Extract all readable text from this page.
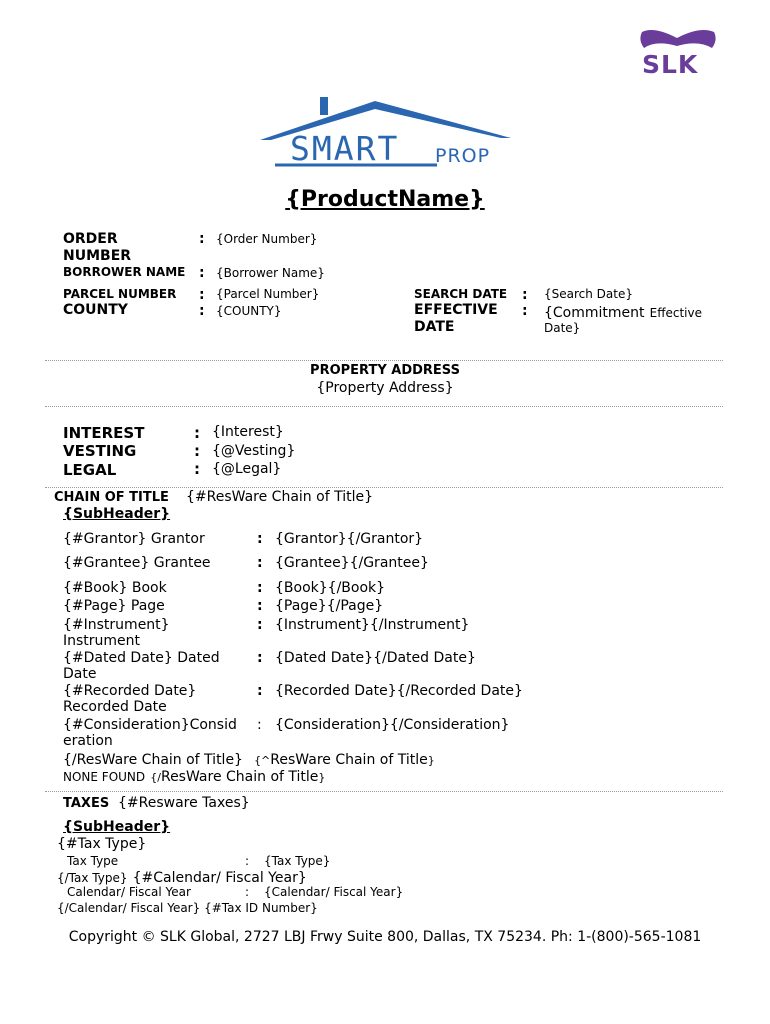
SLK
SMART PROP
{ProductName}
ORDER
NUMBER
: {Order Number}
BORROWER NAME : {Borrower Name}
PARCEL NUMBER : {Parcel Number}
COUNTY	: {COUNTY}
SEARCH DATE : {Search Date}
EFFECTIVE
DATE
: {Commitment Effective
Date}
PROPERTY ADDRESS
{Property Address}
INTEREST	: {Interest}
VESTING	: {@Vesting}
LEGAL	: {@Legal}
CHAIN OF TITLE {#ResWare Chain of Title}
{SubHeader}
{#Grantor} Grantor	: {Grantor}{/Grantor}
{#Grantee} Grantee	: {Grantee}{/Grantee}
{#Book} Book	: {Book}{/Book}
{#Page} Page	: {Page}{/Page}
{#Instrument}
Instrument
: {Instrument}{/Instrument}
{#Dated Date} Dated
Date
: {Dated Date}{/Dated Date}
{#Recorded Date}
Recorded Date
: {Recorded Date}{/Recorded Date}
{#Consideration}Consid
eration
: {Consideration}{/Consideration}
{/ResWare Chain of Title} {^ResWare Chain of Title}
NONE FOUND {/ResWare Chain of Title}
TAXES {#Resware Taxes}
{SubHeader}
{#Tax Type}
Tax Type	: {Tax Type}
{/Tax Type} {#Calendar/ Fiscal Year}
Calendar/ Fiscal Year	: {Calendar/ Fiscal Year}
{/Calendar/ Fiscal Year} {#Tax ID Number}
Copyright © SLK Global, 2727 LBJ Frwy Suite 800, Dallas, TX 75234. Ph: 1-(800)-565-1081
